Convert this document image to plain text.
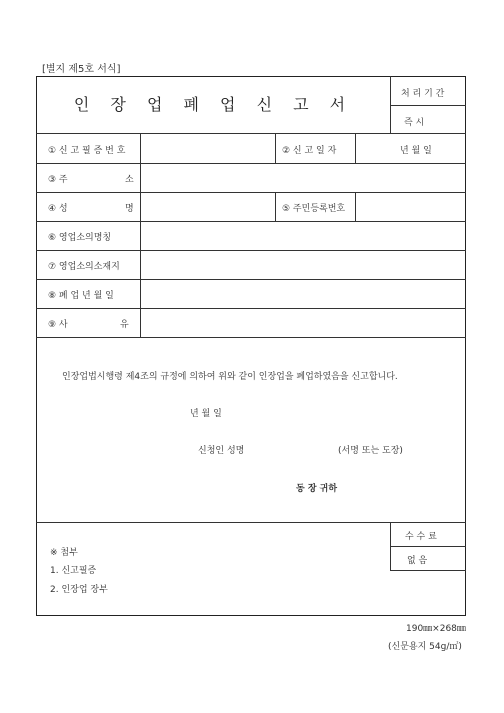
[별지 제5호 서식]
인 장 업 폐 업 신 고 서
처 리 기 간
즉 시
① 신 고 필 증 번 호	② 신 고 일 자	년 월 일
③ 주	소
④ 성	명	⑤ 주민등록번호
⑥ 영업소의명칭
⑦ 영업소의소재지
⑧ 폐 업 년 월 일
⑨ 사	유
인장업법시행령 제4조의 규정에 의하여 위와 같이 인장업을 폐업하였음을 신고합니다.
년 월 일
신청인 성명	(서명 또는 도장)
동 장 귀하
수 수 료
없 음
※ 첨부
1. 신고필증
2. 인장업 장부
190㎜×268㎜
(신문용지 54g/㎡)
